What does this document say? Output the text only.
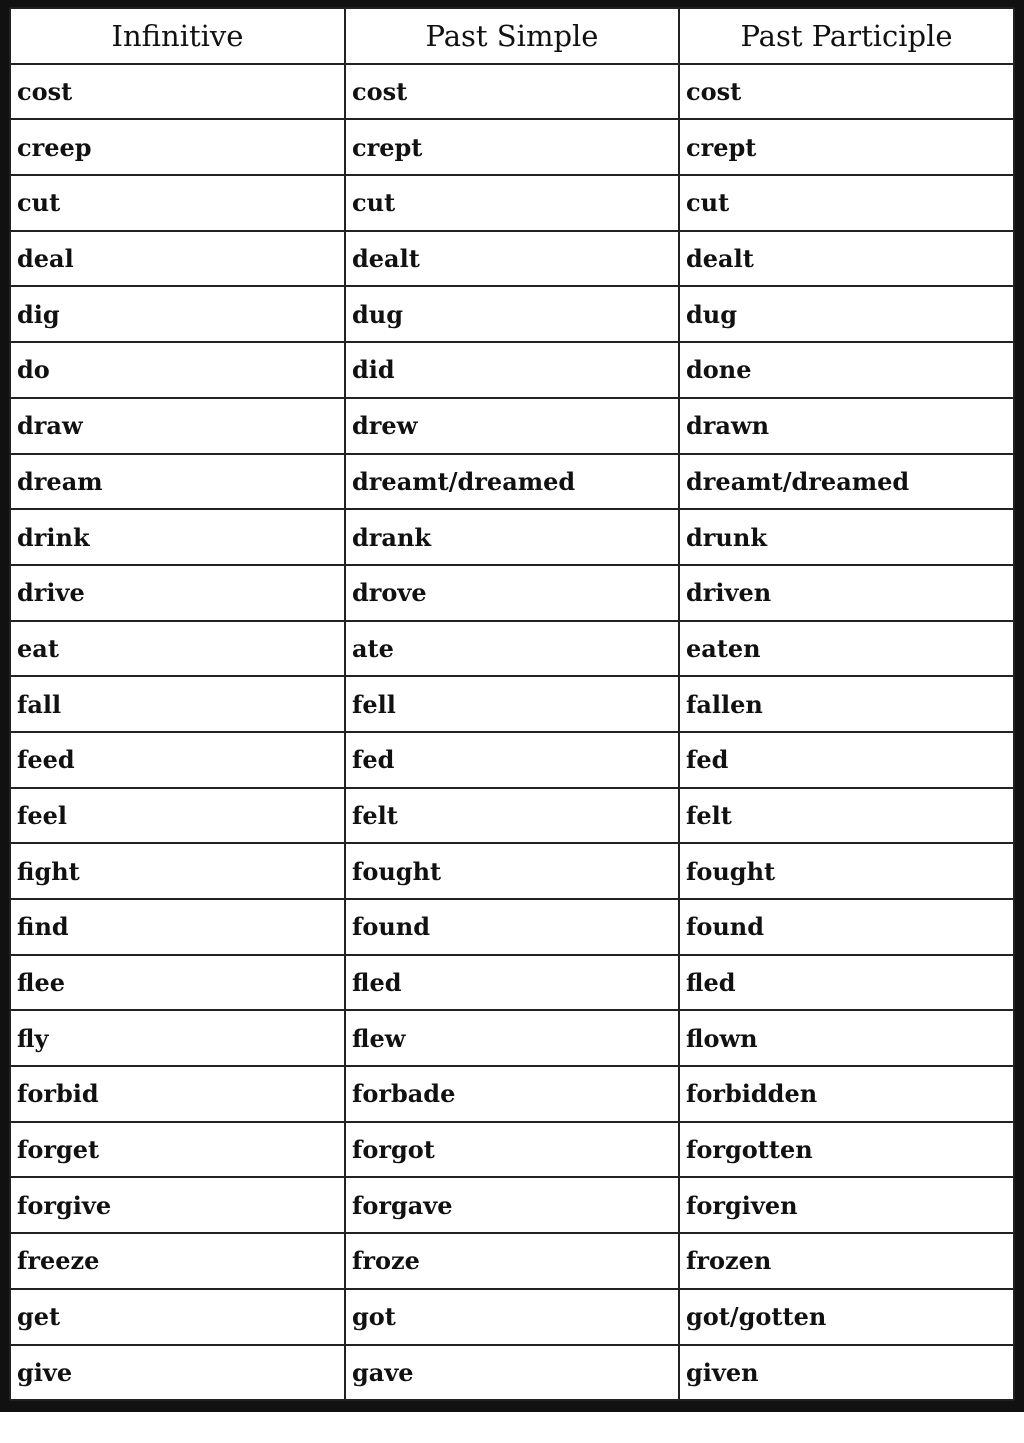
Infinitive	Past Simple	Past Participle
cost	cost	cost
creep	crept	crept
cut	cut	cut
deal	dealt	dealt
dig	dug	dug
do	did	done
draw	drew	drawn
dream	dreamt/dreamed	dreamt/dreamed
drink	drank	drunk
drive	drove	driven
eat	ate	eaten
fall	fell	fallen
feed	fed	fed
feel	felt	felt
fight	fought	fought
find	found	found
flee	fled	fled
fly	flew	flown
forbid	forbade	forbidden
forget	forgot	forgotten
forgive	forgave	forgiven
freeze	froze	frozen
get	got	got/gotten
give	gave	given
